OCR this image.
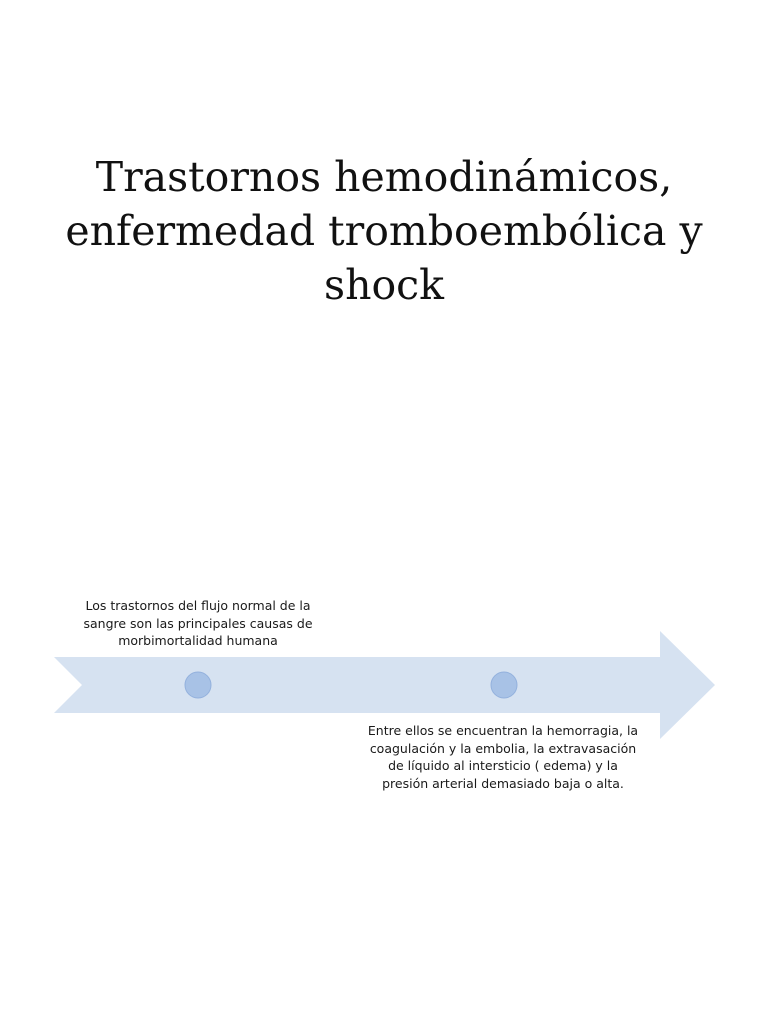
Trastornos hemodinámicos,
enfermedad tromboembólica y
shock

Los trastornos del flujo normal de la sangre son las principales causas de morbimortalidad humana

Entre ellos se encuentran la hemorragia, la coagulación y la embolia, la extravasación de líquido al intersticio ( edema) y la presión arterial demasiado baja o alta.
